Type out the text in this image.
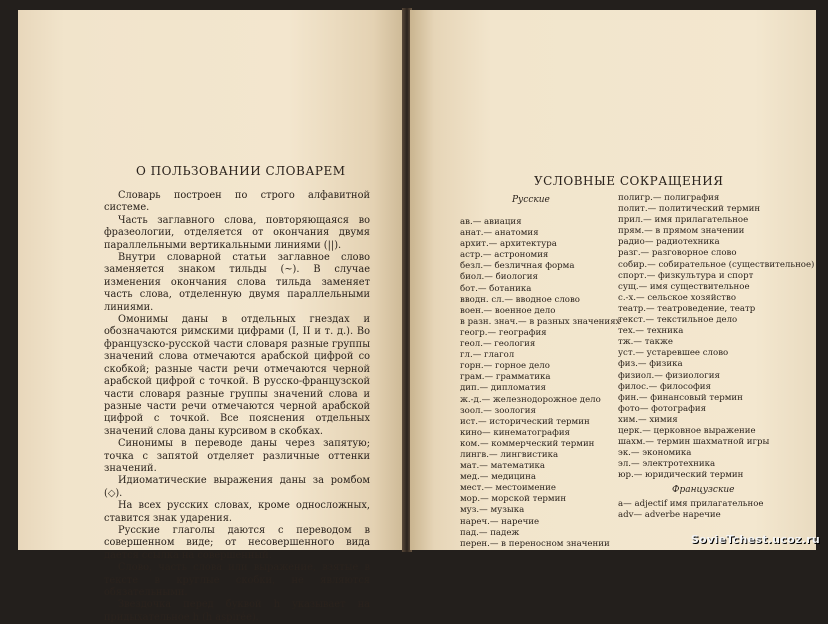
О ПОЛЬЗОВАНИИ СЛОВАРЕМ

Словарь построен по строго алфавитной системе.

Часть заглавного слова, повторяющаяся во фразеологии, отделяется от окончания двумя параллельными вертикальными линиями (||).

Внутри словарной статьи заглавное слово заменяется знаком тильды (~). В случае изменения окончания слова тильда заменяет часть слова, отделенную двумя параллельными линиями.

Омонимы даны в отдельных гнездах и обозначаются римскими цифрами (I, II и т. д.). Во французско-русской части словаря разные группы значений слова отмечаются арабской цифрой со скобкой; разные части речи отмечаются черной арабской цифрой с точкой. В русско-французской части словаря разные группы значений слова и разные части речи отмечаются черной арабской цифрой с точкой. Все пояснения отдельных значений слова даны курсивом в скобках.

Синонимы в переводе даны через запятую; точка с запятой отделяет различные оттенки значений.

Идиоматические выражения даны за ромбом (◇).

На всех русских словах, кроме односложных, ставится знак ударения.

Русские глаголы даются с переводом в совершенном виде; от несовершенного вида дается ссылка на совершенный.

Слово, часть слова или выражение, взятые в тексте в круглые скобки, не являются обязательными.

Звездочка перед буквой h указывает на придыхательное h (h aspirée).

УСЛОВНЫЕ СОКРАЩЕНИЯ
Русские
ав.— авиация
анат.— анатомия
архит.— архитектура
астр.— астрономия
безл.— безличная форма
биол.— биология
бот.— ботаника
вводн. сл.— вводное слово
воен.— военное дело
в разн. знач.— в разных значениях
геогр.— география
геол.— геология
гл.— глагол
горн.— горное дело
грам.— грамматика
дип.— дипломатия
ж.-д.— железнодорожное дело
зоол.— зоология
ист.— исторический термин
кино— кинематография
ком.— коммерческий термин
лингв.— лингвистика
мат.— математика
мед.— медицина
мест.— местоимение
мор.— морской термин
муз.— музыка
нареч.— наречие
пад.— падеж
перен.— в переносном значении
полигр.— полиграфия
полит.— политический термин
прил.— имя прилагательное
прям.— в прямом значении
радио— радиотехника
разг.— разговорное слово
собир.— собирательное (существительное)
спорт.— физкультура и спорт
сущ.— имя существительное
с.-х.— сельское хозяйство
театр.— театроведение, театр
текст.— текстильное дело
тех.— техника
тж.— также
уст.— устаревшее слово
физ.— физика
физиол.— физиология
филос.— философия
фин.— финансовый термин
фото— фотография
хим.— химия
церк.— церковное выражение
шахм.— термин шахматной игры
эк.— экономика
эл.— электротехника
юр.— юридический термин
Французские
a— adjectif имя прилагательное
adv— adverbe наречие
SovieTchest.ucoz.ru
